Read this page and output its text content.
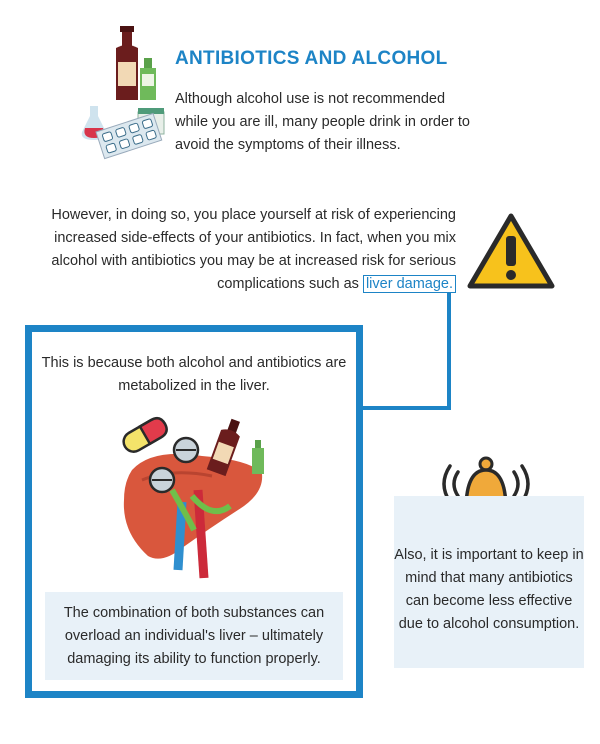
ANTIBIOTICS AND ALCOHOL
Although alcohol use is not recommended while you are ill, many people drink in order to avoid the symptoms of their illness.
However, in doing so, you place yourself at risk of experiencing increased side-effects of your antibiotics. In fact, when you mix alcohol with antibiotics you may be at increased risk for serious complications such as liver damage.
This is because both alcohol and antibiotics are metabolized in the liver.
The combination of both substances can overload an individual's liver – ultimately damaging its ability to function properly.
Also, it is important to keep in mind that many antibiotics can become less effective due to alcohol consumption.
